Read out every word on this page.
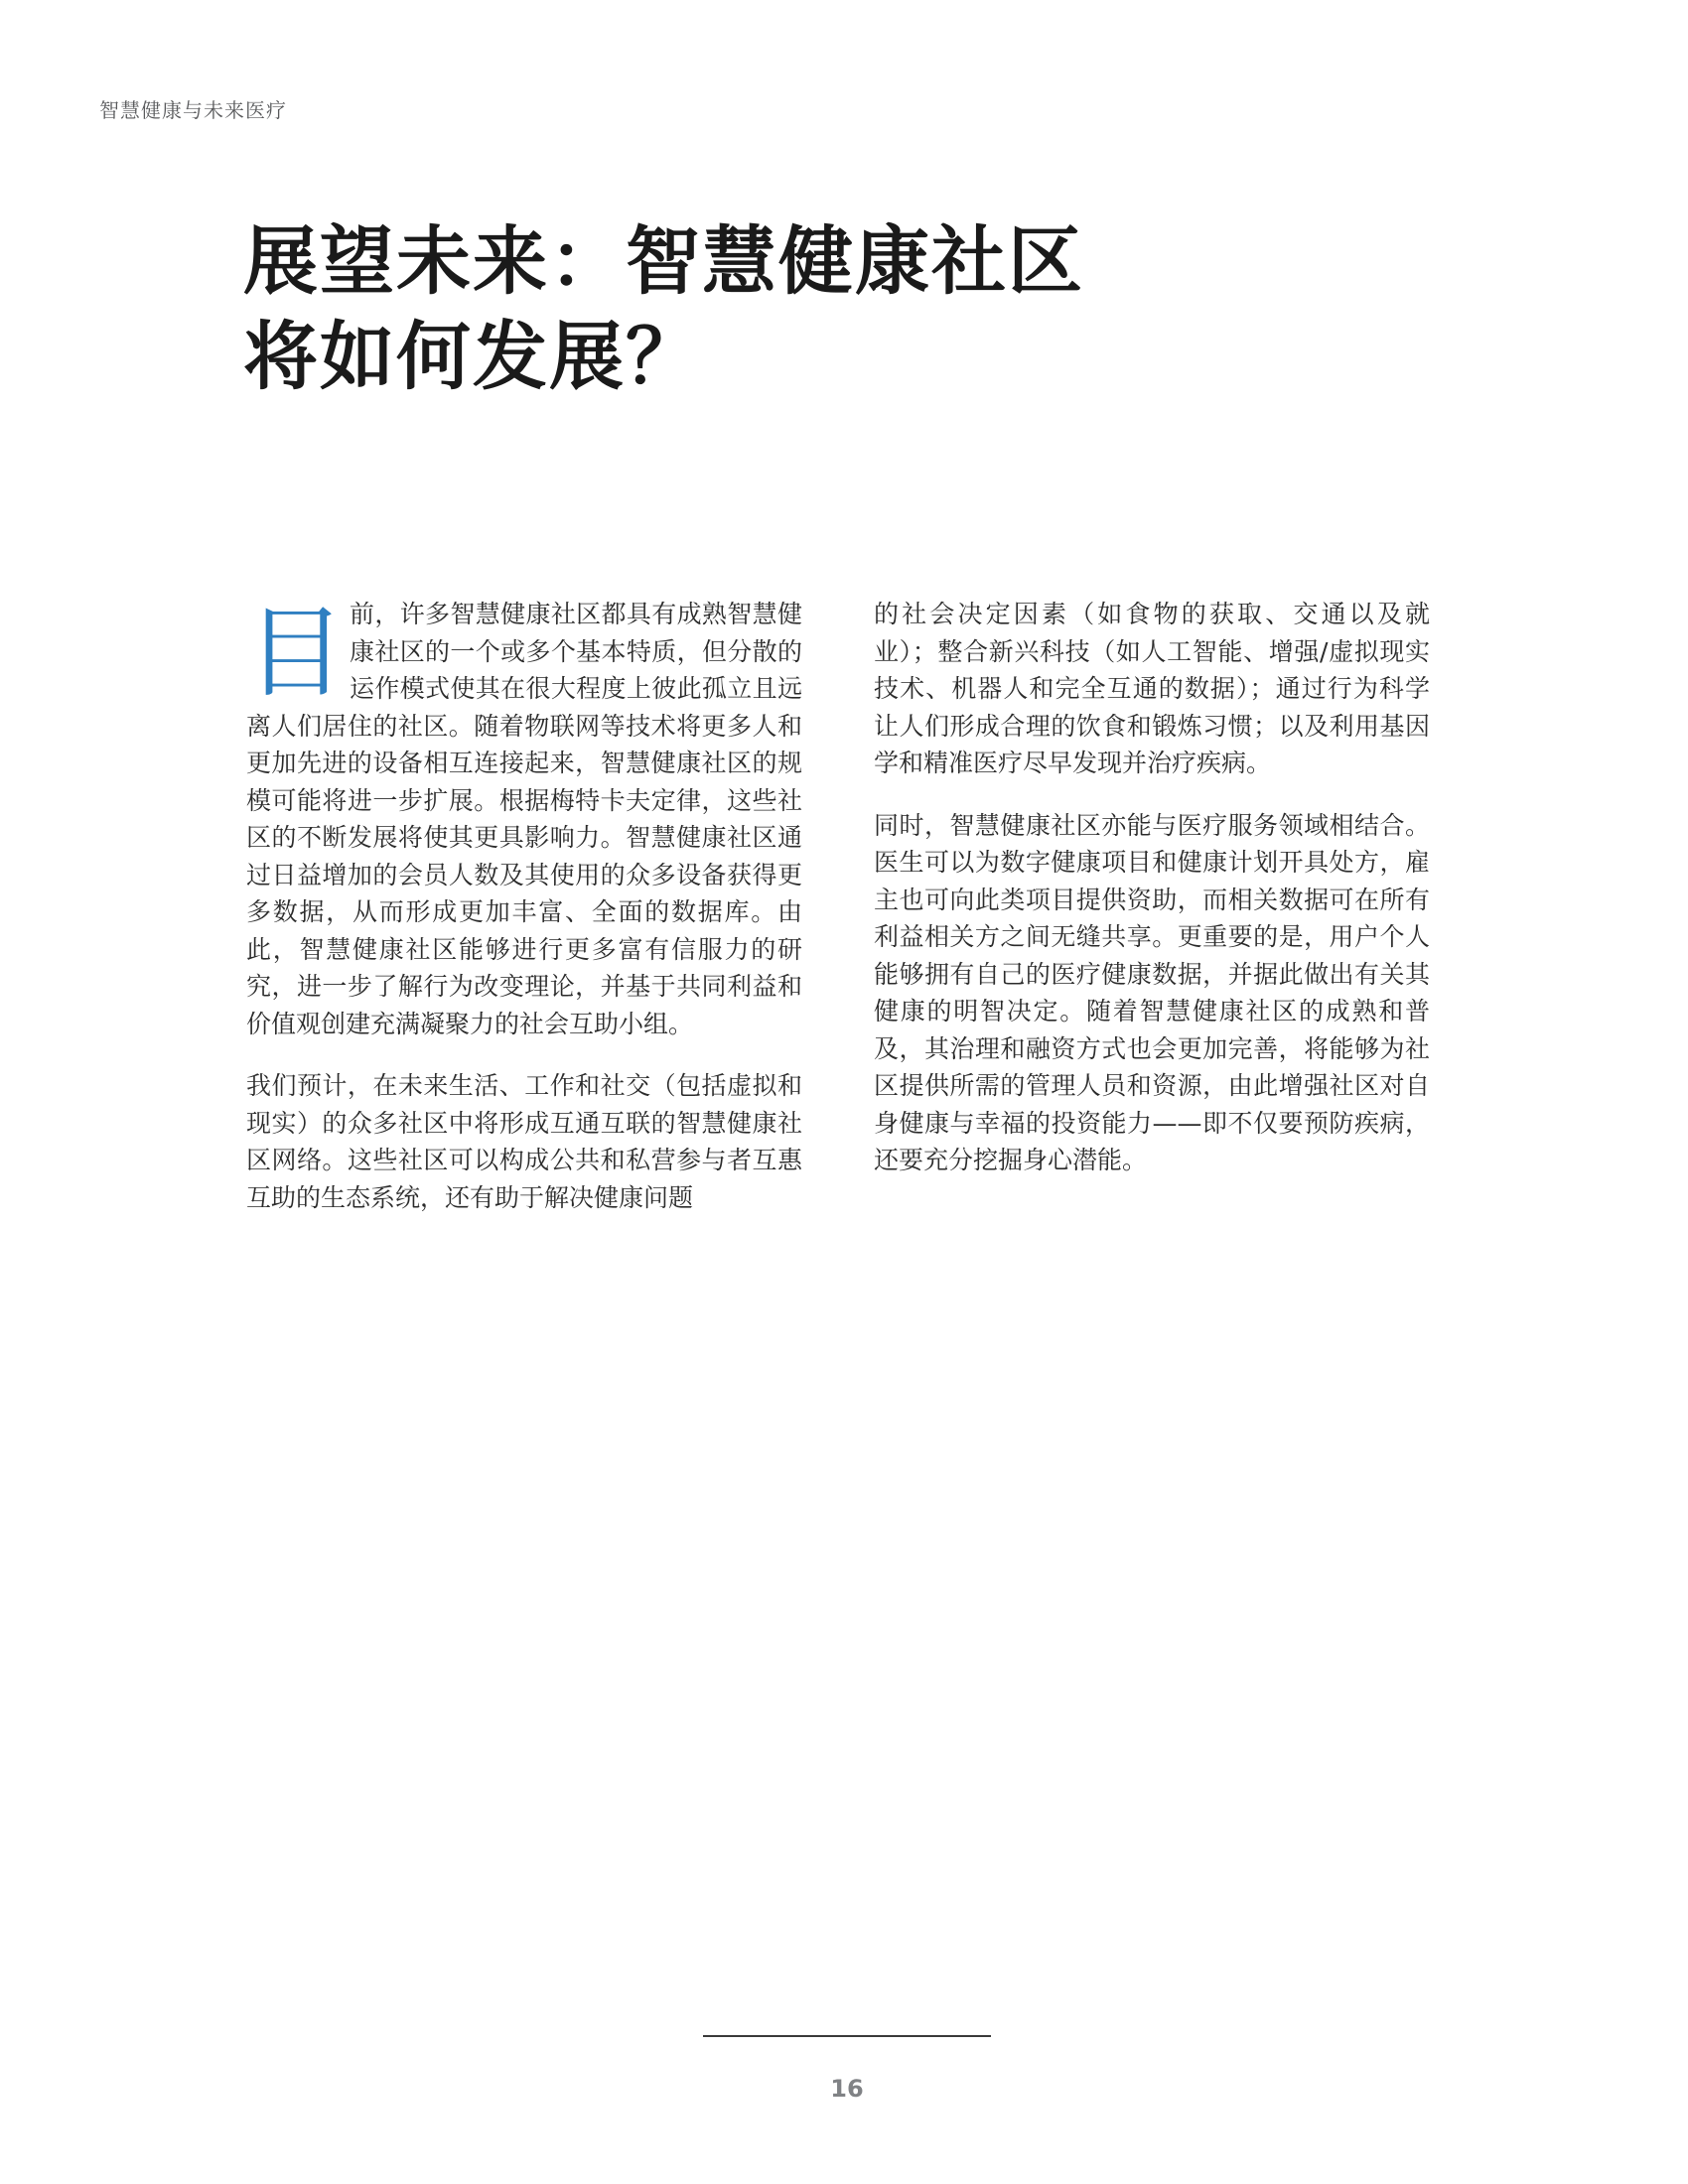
智慧健康与未来医疗
展望未来：智慧健康社区
将如何发展？

目 前，许多智慧健康社区都具有成熟智慧健康社区的一个或多个基本特质，但分散的运作模式使其在很大程度上彼此孤立且远离人们居住的社区。随着物联网等技术将更多人和更加先进的设备相互连接起来，智慧健康社区的规模可能将进一步扩展。根据梅特卡夫定律，这些社区的不断发展将使其更具影响力。智慧健康社区通过日益增加的会员人数及其使用的众多设备获得更多数据，从而形成更加丰富、全面的数据库。由此，智慧健康社区能够进行更多富有信服力的研究，进一步了解行为改变理论，并基于共同利益和价值观创建充满凝聚力的社会互助小组。

我们预计，在未来生活、工作和社交（包括虚拟和现实）的众多社区中将形成互通互联的智慧健康社区网络。这些社区可以构成公共和私营参与者互惠互助的生态系统，还有助于解决健康问题

的社会决定因素（如食物的获取、交通以及就业）；整合新兴科技（如人工智能、增强/虚拟现实技术、机器人和完全互通的数据）；通过行为科学让人们形成合理的饮食和锻炼习惯；以及利用基因学和精准医疗尽早发现并治疗疾病。

同时，智慧健康社区亦能与医疗服务领域相结合。医生可以为数字健康项目和健康计划开具处方，雇主也可向此类项目提供资助，而相关数据可在所有利益相关方之间无缝共享。更重要的是，用户个人能够拥有自己的医疗健康数据，并据此做出有关其健康的明智决定。随着智慧健康社区的成熟和普及，其治理和融资方式也会更加完善，将能够为社区提供所需的管理人员和资源，由此增强社区对自身健康与幸福的投资能力——即不仅要预防疾病，还要充分挖掘身心潜能。

16
